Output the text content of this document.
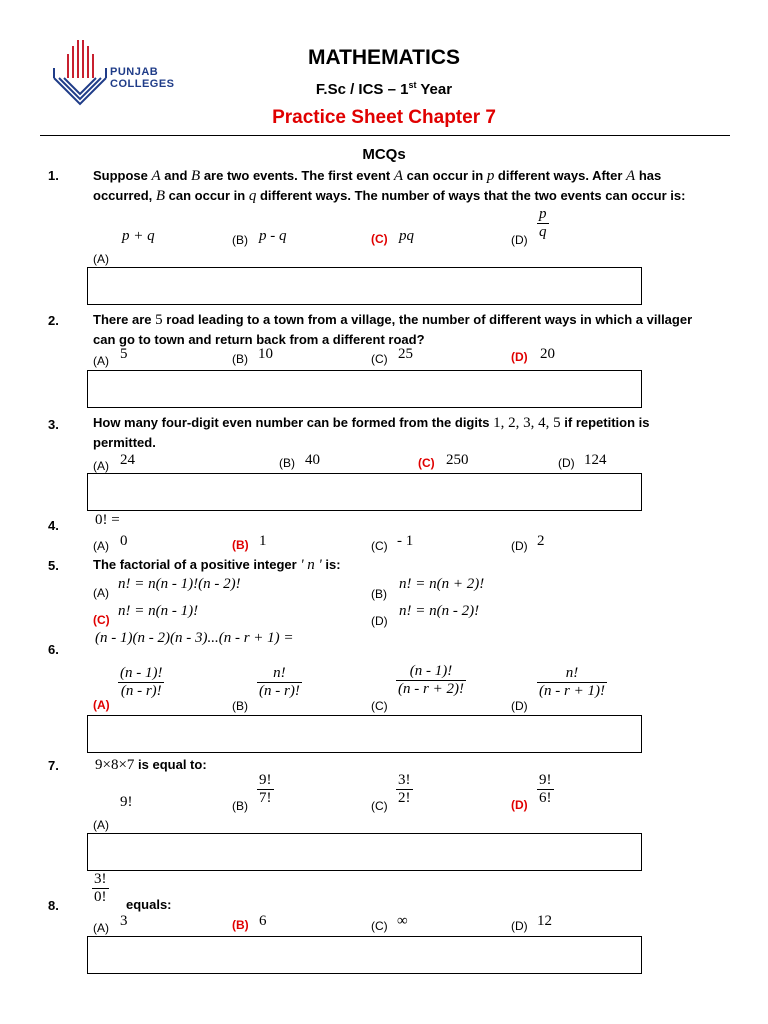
PUNJAB
COLLEGES
MATHEMATICS
F.Sc / ICS – 1st Year
Practice Sheet Chapter 7
MCQs
1.	Suppose A and B are two events. The first event A can occur in p different ways. After A has
occurred, B can occur in q different ways. The number of ways that the two events can occur is:
p + q	(B) p - q	(C) pq	$(D) \frac{p}{q}$
(A)
2.	There are 5 road leading to a town from a village, the number of different ways in which a villager
can go to town and return back from a different road?
(A) 5	(B) 10	(C) 25	(D) 20
3.	How many four-digit even number can be formed from the digits 1, 2, 3, 4, 5 if repetition is
permitted.
(A) 24	(B) 40	(C) 250	(D) 124
4. 0! =
(A) 0	(B) 1	(C) - 1	(D) 2
5.	The factorial of a positive integer ' n ' is:
(A)
n! = n(n - 1)!(n - 2)!
(B)
n! = n(n + 2)!
(C)
n! = n(n - 1)!
(D)
n! = n(n - 2)!
(n - 1)(n - 2)(n - 3)...(n - r + 1) =
6.
(A)
$\frac{(n - 1)!}{(n - r)!}$
(B)
$\frac{n!}{(n - r)!}$
(C)
$\frac{(n - 1)!}{(n - r + 2)!}$
(D)
$\frac{n!}{(n - r + 1)!}$
7. 9×8×7 is equal to:
9!	$(B) \frac{9!}{7!}$	$(C) \frac{3!}{2!}$	$(D) \frac{9!}{6!}$
(A)
$\frac{3!}{0!}$ equals:
8.
(A) 3	(B) 6	(C) ∞	(D) 12
